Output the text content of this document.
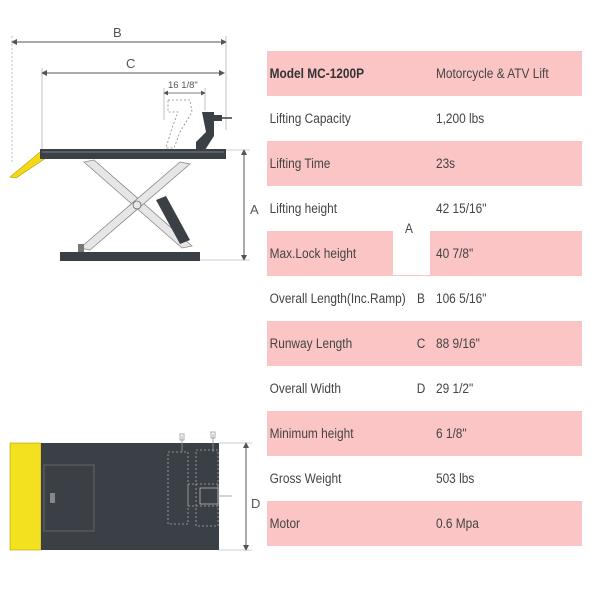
B
C
16 1/8"
A
D
Model MC-1200P	Motorcycle & ATV Lift
Lifting Capacity	1,200 lbs
Lifting Time	23s
Lifting height	42 15/16"
Max.Lock height	40 7/8"
Overall Length(Inc.Ramp) B 106 5/16"
Runway Length	C 88 9/16"
Overall Width	D 29 1/2"
Minimum height	6 1/8"
Gross Weight	503 lbs
Motor	0.6 Mpa
A
